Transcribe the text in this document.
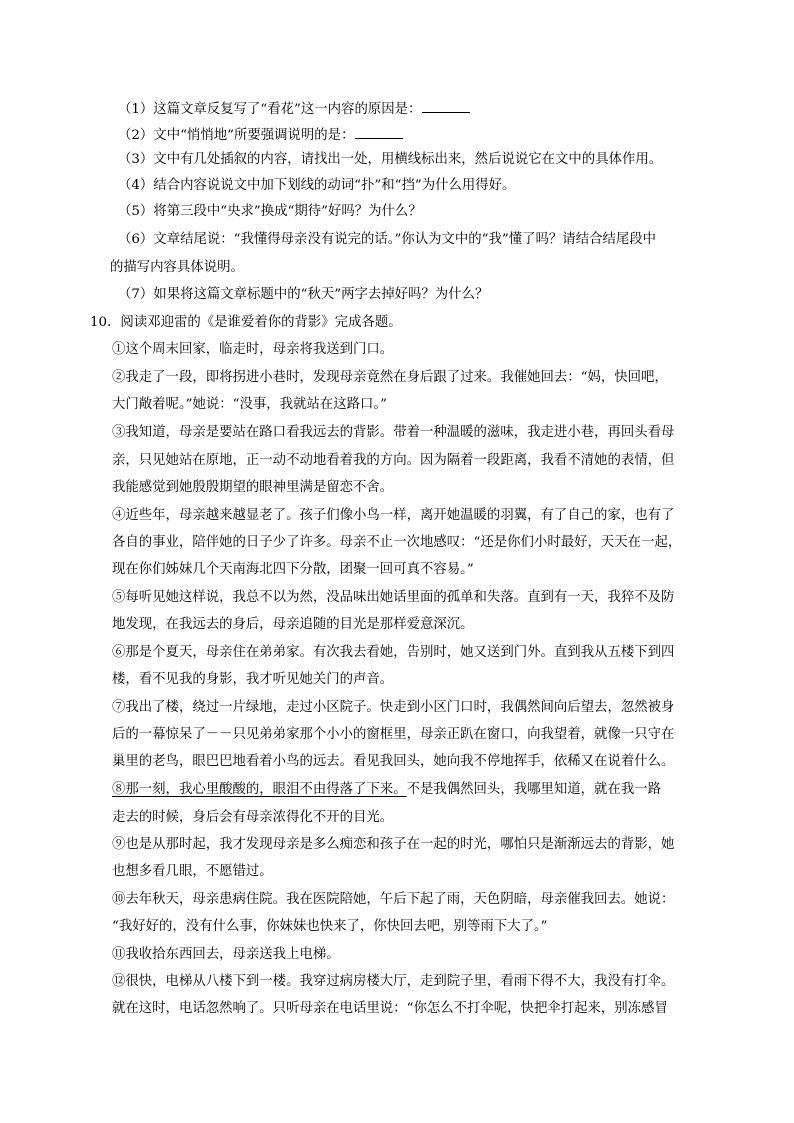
（1）这篇文章反复写了“看花”这一内容的原因是：
（2）文中“悄悄地”所要强调说明的是：
（3）文中有几处插叙的内容，请找出一处，用横线标出来，然后说说它在文中的具体作用。
（4）结合内容说说文中加下划线的动词“扑”和“挡”为什么用得好。
（5）将第三段中“央求”换成“期待”好吗？为什么？
（6）文章结尾说：“我懂得母亲没有说完的话。”你认为文中的“我”懂了吗？请结合结尾段中
的描写内容具体说明。
（7）如果将这篇文章标题中的“秋天”两字去掉好吗？为什么？
10．阅读邓迎雷的《是谁爱着你的背影》完成各题。
①这个周末回家，临走时，母亲将我送到门口。
②我走了一段，即将拐进小巷时，发现母亲竟然在身后跟了过来。我催她回去：“妈，快回吧，
大门敞着呢。”她说：“没事，我就站在这路口。”
③我知道，母亲是要站在路口看我远去的背影。带着一种温暖的滋味，我走进小巷，再回头看母
亲，只见她站在原地，正一动不动地看着我的方向。因为隔着一段距离，我看不清她的表情，但
我能感觉到她殷殷期望的眼神里满是留恋不舍。
④近些年，母亲越来越显老了。孩子们像小鸟一样，离开她温暖的羽翼，有了自己的家，也有了
各自的事业，陪伴她的日子少了许多。母亲不止一次地感叹：“还是你们小时最好，天天在一起，
现在你们姊妹几个天南海北四下分散，团聚一回可真不容易。”
⑤每听见她这样说，我总不以为然，没品味出她话里面的孤单和失落。直到有一天，我猝不及防
地发现，在我远去的身后，母亲追随的目光是那样爱意深沉。
⑥那是个夏天，母亲住在弟弟家。有次我去看她，告别时，她又送到门外。直到我从五楼下到四
楼，看不见我的身影，我才听见她关门的声音。
⑦我出了楼，绕过一片绿地，走过小区院子。快走到小区门口时，我偶然间向后望去，忽然被身
后的一幕惊呆了－－只见弟弟家那个小小的窗框里，母亲正趴在窗口，向我望着，就像一只守在
巢里的老鸟，眼巴巴地看着小鸟的远去。看见我回头，她向我不停地挥手，依稀又在说着什么。
⑧那一刻，我心里酸酸的，眼泪不由得落了下来。不是我偶然回头，我哪里知道，就在我一路
走去的时候，身后会有母亲浓得化不开的目光。
⑨也是从那时起，我才发现母亲是多么痴恋和孩子在一起的时光，哪怕只是渐渐远去的背影，她
也想多看几眼，不愿错过。
⑩去年秋天，母亲患病住院。我在医院陪她，午后下起了雨，天色阴暗，母亲催我回去。她说：
“我好好的，没有什么事，你妹妹也快来了，你快回去吧，别等雨下大了。”
⑪我收拾东西回去，母亲送我上电梯。
⑫很快，电梯从八楼下到一楼。我穿过病房楼大厅，走到院子里，看雨下得不大，我没有打伞。
就在这时，电话忽然响了。只听母亲在电话里说：“你怎么不打伞呢，快把伞打起来，别冻感冒
